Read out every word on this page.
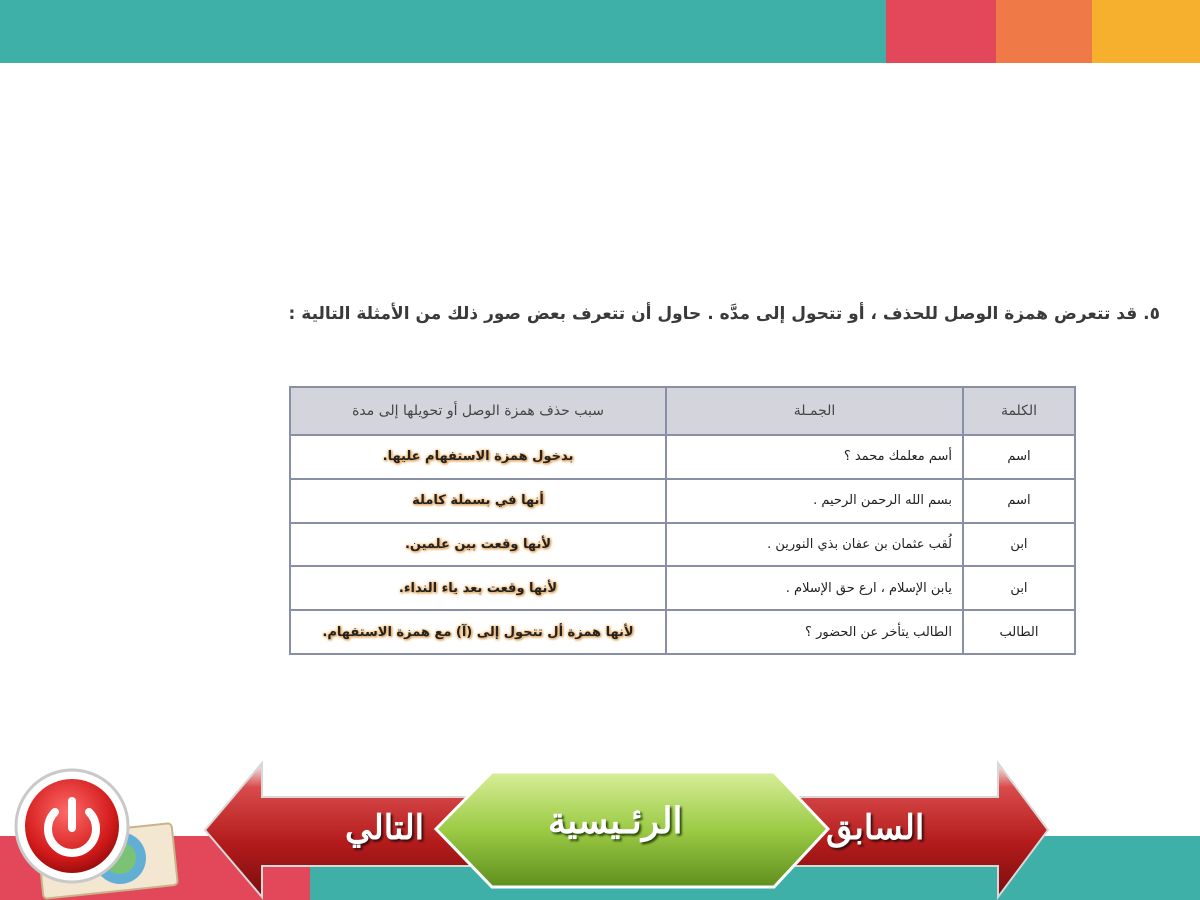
٥. قد تتعرض همزة الوصل للحذف ، أو تتحول إلى مدَّه . حاول أن تتعرف بعض صور ذلك من الأمثلة التالية :
الكلمة	الجمـلة	سبب حذف همزة الوصل أو تحويلها إلى مدة
اسم	أسم معلمك محمد ؟	بدخول همزة الاستفهام عليها.
اسم	بسم الله الرحمن الرحيم .	أنها في بسملة كاملة
ابن	لُقب عثمان بن عفان بذي النورين .	لأنها وقعت بين علمين.
ابن	يابن الإسلام ، ارع حق الإسلام .	لأنها وقعت بعد ياء النداء.
الطالب	الطالب يتأخر عن الحضور ؟	لأنها همزة أل تتحول إلى (آ) مع همزة الاستفهام.
التالي	الرئـيسية	السابق
